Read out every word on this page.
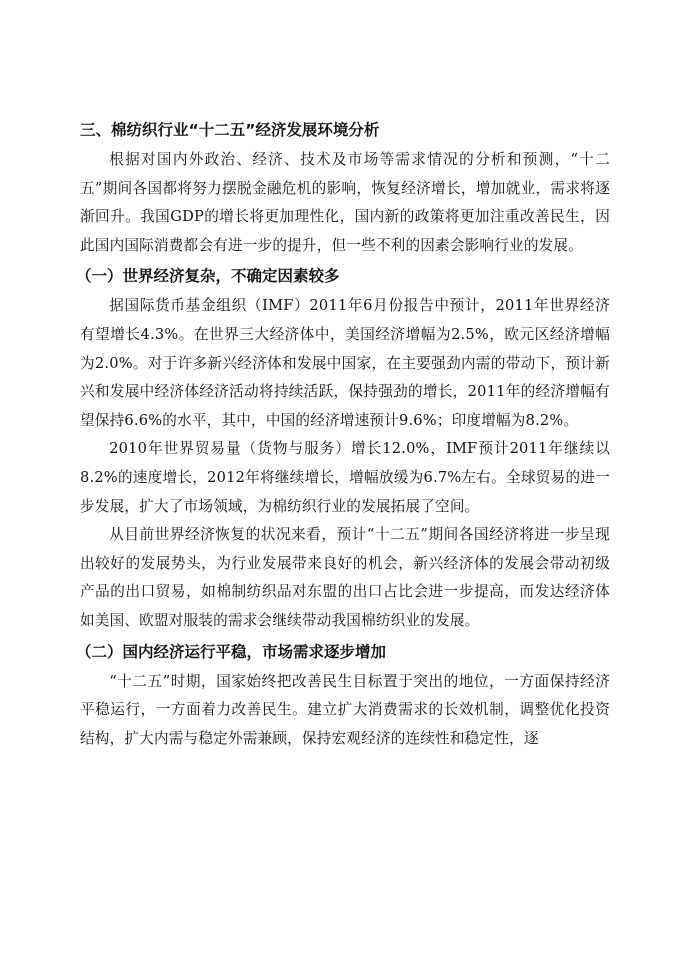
三、棉纺织行业“十二五”经济发展环境分析

根据对国内外政治、经济、技术及市场等需求情况的分析和预测，“十二五”期间各国都将努力摆脱金融危机的影响，恢复经济增长，增加就业，需求将逐渐回升。我国GDP的增长将更加理性化，国内新的政策将更加注重改善民生，因此国内国际消费都会有进一步的提升，但一些不利的因素会影响行业的发展。

（一）世界经济复杂，不确定因素较多

据国际货币基金组织（IMF）2011年6月份报告中预计，2011年世界经济有望增长4.3%。在世界三大经济体中，美国经济增幅为2.5%，欧元区经济增幅为2.0%。对于许多新兴经济体和发展中国家，在主要强劲内需的带动下，预计新兴和发展中经济体经济活动将持续活跃，保持强劲的增长，2011年的经济增幅有望保持6.6%的水平，其中，中国的经济增速预计9.6%；印度增幅为8.2%。

2010年世界贸易量（货物与服务）增长12.0%，IMF预计2011年继续以8.2%的速度增长，2012年将继续增长，增幅放缓为6.7%左右。全球贸易的进一步发展，扩大了市场领域，为棉纺织行业的发展拓展了空间。

从目前世界经济恢复的状况来看，预计“十二五”期间各国经济将进一步呈现出较好的发展势头，为行业发展带来良好的机会，新兴经济体的发展会带动初级产品的出口贸易，如棉制纺织品对东盟的出口占比会进一步提高，而发达经济体如美国、欧盟对服装的需求会继续带动我国棉纺织业的发展。

（二）国内经济运行平稳，市场需求逐步增加

“十二五”时期，国家始终把改善民生目标置于突出的地位，一方面保持经济平稳运行，一方面着力改善民生。建立扩大消费需求的长效机制，调整优化投资结构，扩大内需与稳定外需兼顾，保持宏观经济的连续性和稳定性，逐
